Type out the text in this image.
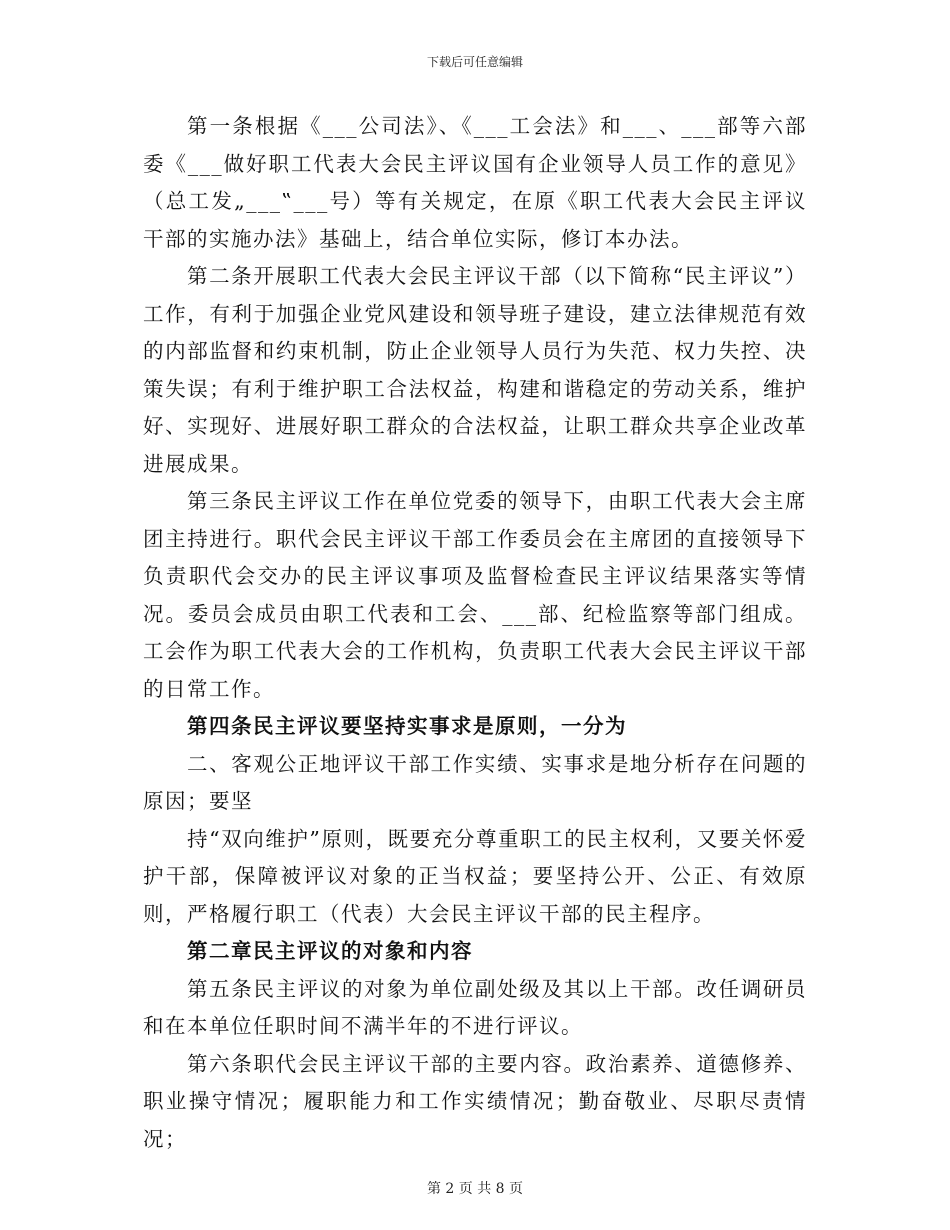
下载后可任意编辑

第一条根据《___公司法》、《___工会法》和___、___部等六部委《___做好职工代表大会民主评议国有企业领导人员工作的意见》（总工发„___‟___号）等有关规定，在原《职工代表大会民主评议干部的实施办法》基础上，结合单位实际，修订本办法。

第二条开展职工代表大会民主评议干部（以下简称“民主评议”）工作，有利于加强企业党风建设和领导班子建设，建立法律规范有效的内部监督和约束机制，防止企业领导人员行为失范、权力失控、决策失误；有利于维护职工合法权益，构建和谐稳定的劳动关系，维护好、实现好、进展好职工群众的合法权益，让职工群众共享企业改革进展成果。

第三条民主评议工作在单位党委的领导下，由职工代表大会主席团主持进行。职代会民主评议干部工作委员会在主席团的直接领导下负责职代会交办的民主评议事项及监督检查民主评议结果落实等情况。委员会成员由职工代表和工会、___部、纪检监察等部门组成。工会作为职工代表大会的工作机构，负责职工代表大会民主评议干部的日常工作。

第四条民主评议要坚持实事求是原则，一分为

二、客观公正地评议干部工作实绩、实事求是地分析存在问题的原因；要坚

持“双向维护”原则，既要充分尊重职工的民主权利，又要关怀爱护干部，保障被评议对象的正当权益；要坚持公开、公正、有效原则，严格履行职工（代表）大会民主评议干部的民主程序。

第二章民主评议的对象和内容

第五条民主评议的对象为单位副处级及其以上干部。改任调研员和在本单位任职时间不满半年的不进行评议。

第六条职代会民主评议干部的主要内容。政治素养、道德修养、职业操守情况；履职能力和工作实绩情况；勤奋敬业、尽职尽责情况；

第 2 页 共 8 页
